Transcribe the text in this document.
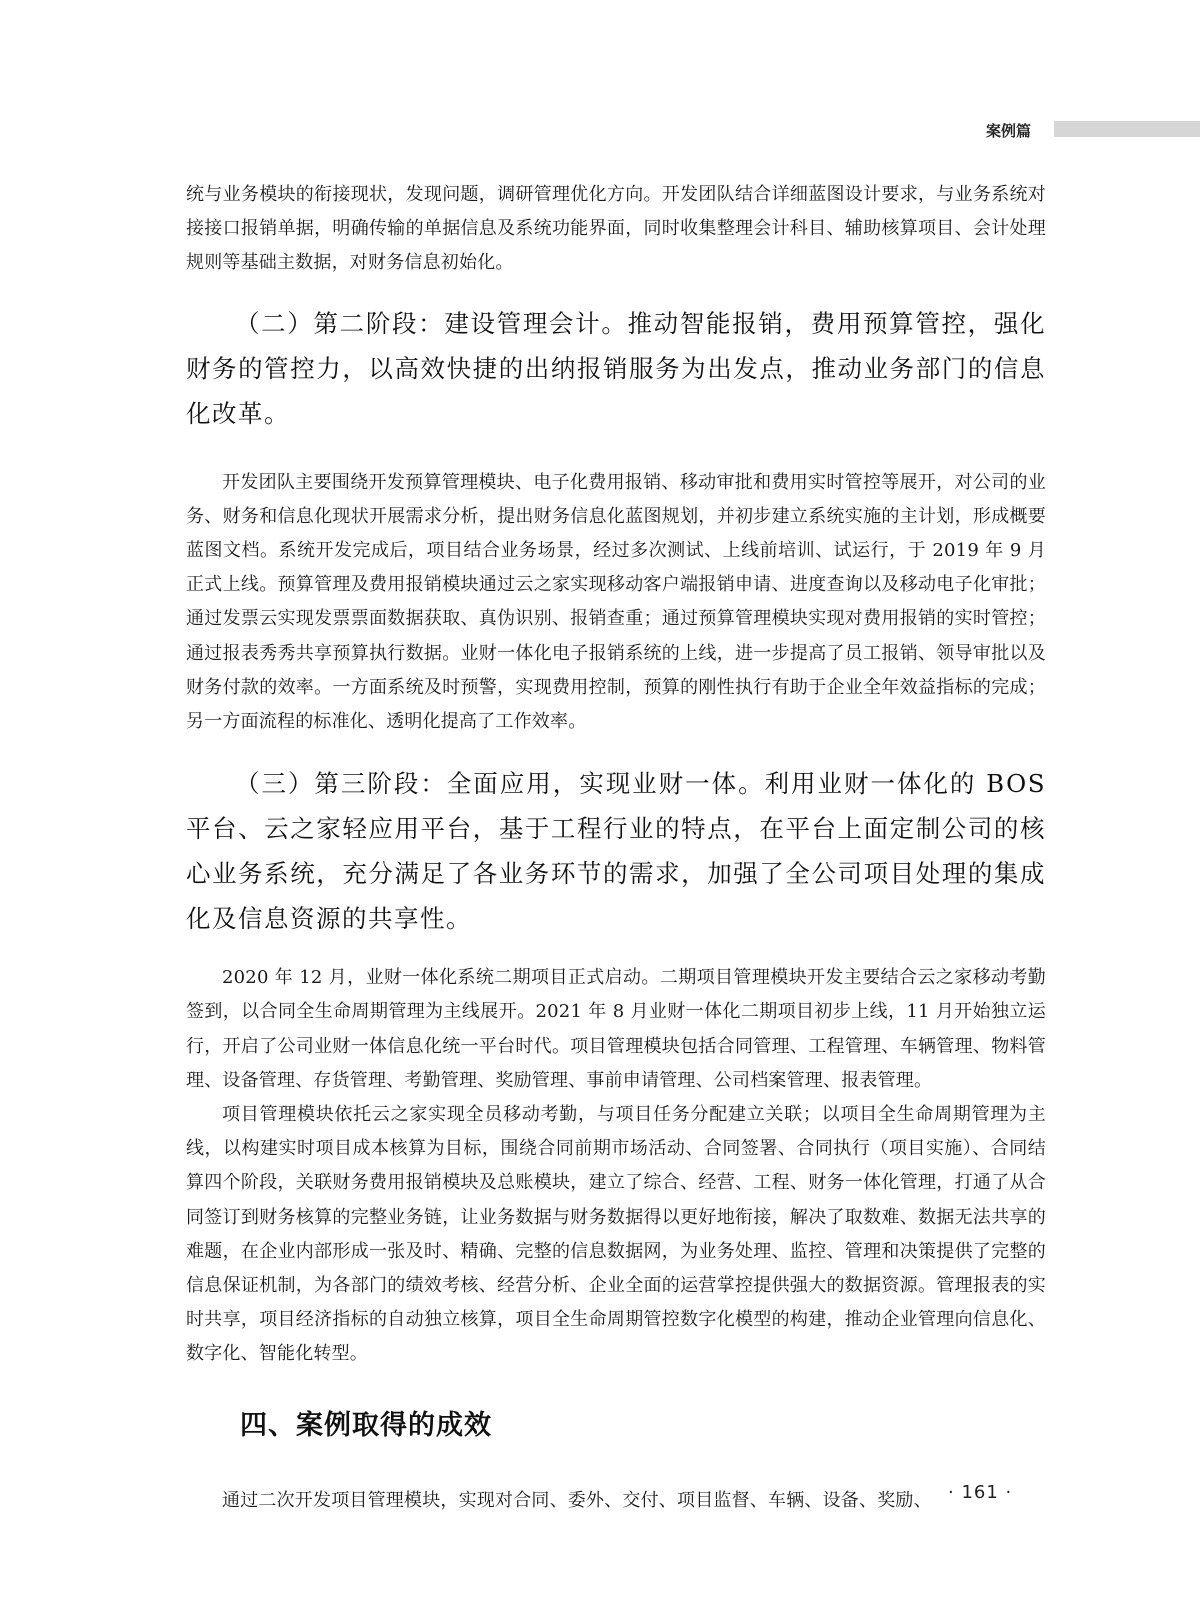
案例篇

统与业务模块的衔接现状，发现问题，调研管理优化方向。开发团队结合详细蓝图设计要求，与业务系统对接接口报销单据，明确传输的单据信息及系统功能界面，同时收集整理会计科目、辅助核算项目、会计处理规则等基础主数据，对财务信息初始化。

（二）第二阶段：建设管理会计。推动智能报销，费用预算管控，强化财务的管控力，以高效快捷的出纳报销服务为出发点，推动业务部门的信息化改革。

开发团队主要围绕开发预算管理模块、电子化费用报销、移动审批和费用实时管控等展开，对公司的业务、财务和信息化现状开展需求分析，提出财务信息化蓝图规划，并初步建立系统实施的主计划，形成概要蓝图文档。系统开发完成后，项目结合业务场景，经过多次测试、上线前培训、试运行，于 2019 年 9 月正式上线。预算管理及费用报销模块通过云之家实现移动客户端报销申请、进度查询以及移动电子化审批；通过发票云实现发票票面数据获取、真伪识别、报销查重；通过预算管理模块实现对费用报销的实时管控；通过报表秀秀共享预算执行数据。业财一体化电子报销系统的上线，进一步提高了员工报销、领导审批以及财务付款的效率。一方面系统及时预警，实现费用控制，预算的刚性执行有助于企业全年效益指标的完成；另一方面流程的标准化、透明化提高了工作效率。

（三）第三阶段：全面应用，实现业财一体。利用业财一体化的 BOS 平台、云之家轻应用平台，基于工程行业的特点，在平台上面定制公司的核心业务系统，充分满足了各业务环节的需求，加强了全公司项目处理的集成化及信息资源的共享性。

2020 年 12 月，业财一体化系统二期项目正式启动。二期项目管理模块开发主要结合云之家移动考勤签到，以合同全生命周期管理为主线展开。2021 年 8 月业财一体化二期项目初步上线，11 月开始独立运行，开启了公司业财一体信息化统一平台时代。项目管理模块包括合同管理、工程管理、车辆管理、物料管理、设备管理、存货管理、考勤管理、奖励管理、事前申请管理、公司档案管理、报表管理。

项目管理模块依托云之家实现全员移动考勤，与项目任务分配建立关联；以项目全生命周期管理为主线，以构建实时项目成本核算为目标，围绕合同前期市场活动、合同签署、合同执行（项目实施）、合同结算四个阶段，关联财务费用报销模块及总账模块，建立了综合、经营、工程、财务一体化管理，打通了从合同签订到财务核算的完整业务链，让业务数据与财务数据得以更好地衔接，解决了取数难、数据无法共享的难题，在企业内部形成一张及时、精确、完整的信息数据网，为业务处理、监控、管理和决策提供了完整的信息保证机制，为各部门的绩效考核、经营分析、企业全面的运营掌控提供强大的数据资源。管理报表的实时共享，项目经济指标的自动独立核算，项目全生命周期管控数字化模型的构建，推动企业管理向信息化、数字化、智能化转型。

四、案例取得的成效

通过二次开发项目管理模块，实现对合同、委外、交付、项目监督、车辆、设备、奖励、 · 161 ·
